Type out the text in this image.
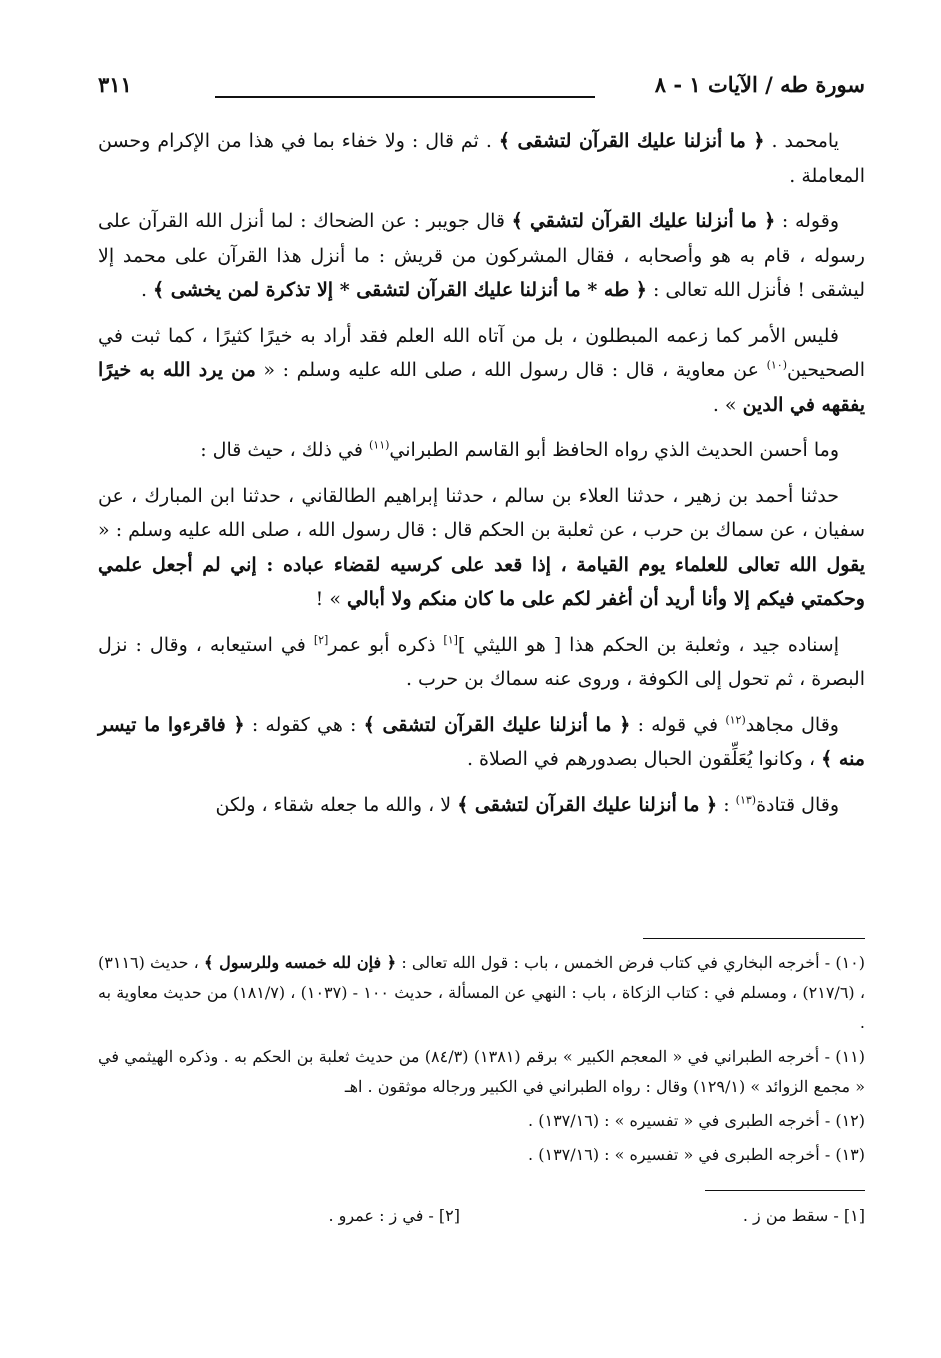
سورة طه / الآيات ١ - ٨
٣١١

يامحمد . ﴿ ما أنزلنا عليك القرآن لتشقى ﴾ . ثم قال : ولا خفاء بما في هذا من الإكرام وحسن المعاملة .

وقوله : ﴿ ما أنزلنا عليك القرآن لتشقي ﴾ قال جويبر : عن الضحاك : لما أنزل الله القرآن على رسوله ، قام به هو وأصحابه ، فقال المشركون من قريش : ما أنزل هذا القرآن على محمد إلا ليشقى ! فأنزل الله تعالى : ﴿ طه * ما أنزلنا عليك القرآن لتشقى * إلا تذكرة لمن يخشى ﴾ .

فليس الأمر كما زعمه المبطلون ، بل من آتاه الله العلم فقد أراد به خيرًا كثيرًا ، كما ثبت في الصحيحين$^{(١٠)}$ عن معاوية ، قال : قال رسول الله ، صلى الله عليه وسلم : « من يرد الله به خيرًا يفقهه في الدين » .

وما أحسن الحديث الذي رواه الحافظ أبو القاسم الطبراني$^{(١١)}$ في ذلك ، حيث قال :

حدثنا أحمد بن زهير ، حدثنا العلاء بن سالم ، حدثنا إبراهيم الطالقاني ، حدثنا ابن المبارك ، عن سفيان ، عن سماك بن حرب ، عن ثعلبة بن الحكم قال : قال رسول الله ، صلى الله عليه وسلم : « يقول الله تعالى للعلماء يوم القيامة ، إذا قعد على كرسيه لقضاء عباده : إني لم أجعل علمي وحكمتي فيكم إلا وأنا أريد أن أغفر لكم على ما كان منكم ولا أبالي » !

إسناده جيد ، وثعلبة بن الحكم هذا [ هو الليثي ][١] ذكره أبو عمر[٢] في استيعابه ، وقال : نزل البصرة ، ثم تحول إلى الكوفة ، وروى عنه سماك بن حرب .

وقال مجاهد$^{(١٢)}$ في قوله : ﴿ ما أنزلنا عليك القرآن لتشقى ﴾ : هي كقوله : ﴿ فاقرءوا ما تيسر منه ﴾ ، وكانوا يُعَلِّقون الحبال بصدورهم في الصلاة .

وقال قتادة$^{(١٣)}$ : ﴿ ما أنزلنا عليك القرآن لتشقى ﴾ لا ، والله ما جعله شقاء ، ولكن

(١٠) - أخرجه البخاري في كتاب فرض الخمس ، باب : قول الله تعالى : ﴿ فإن لله خمسه وللرسول ﴾ ، حديث (٣١١٦) ، (٢١٧/٦) ، ومسلم في : كتاب الزكاة ، باب : النهي عن المسألة ، حديث ١٠٠ - (١٠٣٧) ، (١٨١/٧) من حديث معاوية به .

(١١) - أخرجه الطبراني في « المعجم الكبير » برقم (١٣٨١) (٨٤/٣) من حديث ثعلبة بن الحكم به . وذكره الهيثمي في « مجمع الزوائد » (١٢٩/١) وقال : رواه الطبراني في الكبير ورجاله موثقون . اهـ

(١٢) - أخرجه الطبرى في « تفسيره » : (١٣٧/١٦) .

(١٣) - أخرجه الطبرى في « تفسيره » : (١٣٧/١٦) .

[١] - سقط من ز .
[٢] - في ز : عمرو .
